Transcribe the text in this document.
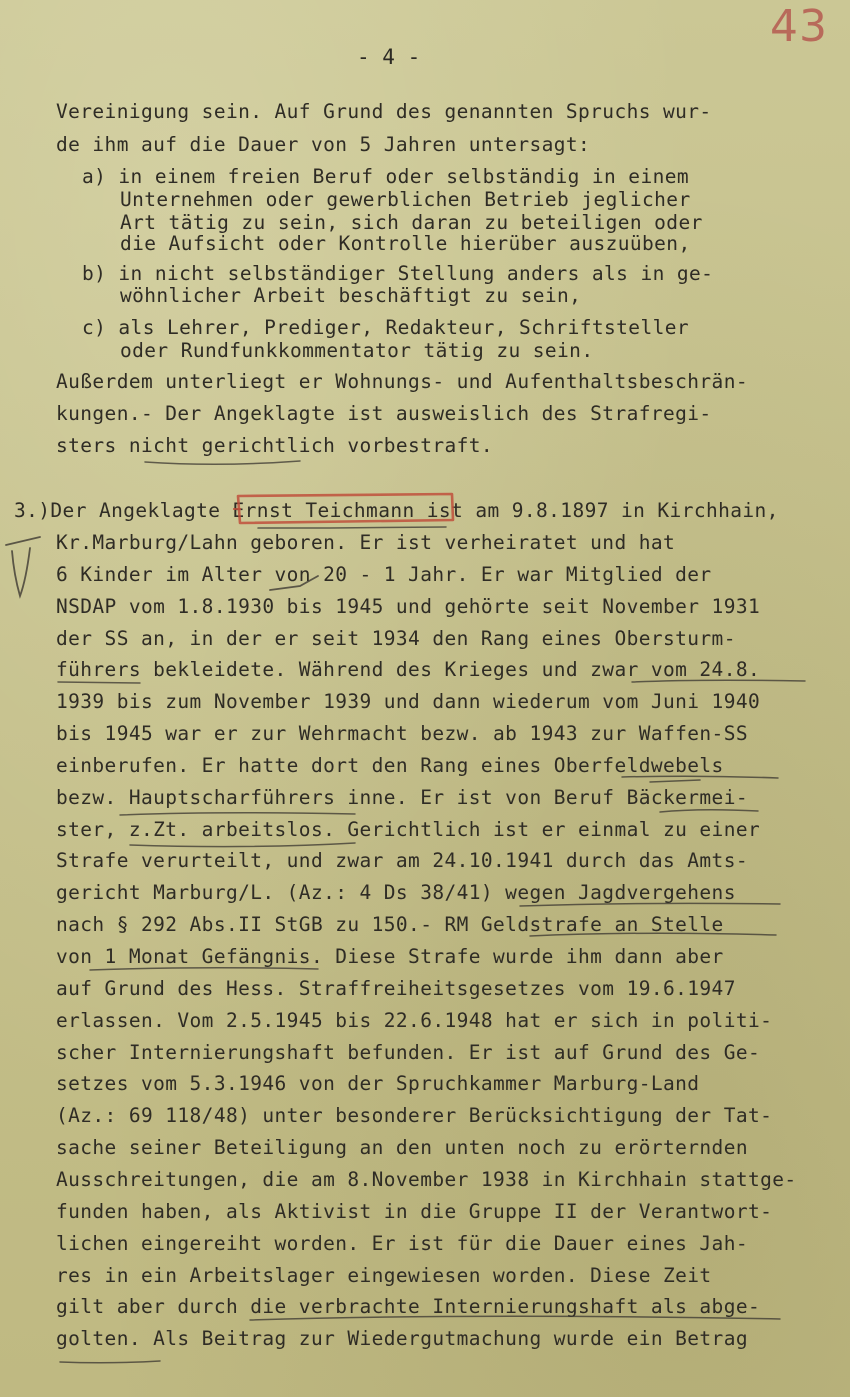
43
- 4 -
Vereinigung sein. Auf Grund des genannten Spruchs wur-
de ihm auf die Dauer von 5 Jahren untersagt:
a) in einem freien Beruf oder selbständig in einem
Unternehmen oder gewerblichen Betrieb jeglicher
Art tätig zu sein, sich daran zu beteiligen oder
die Aufsicht oder Kontrolle hierüber auszuüben,
b) in nicht selbständiger Stellung anders als in ge-
wöhnlicher Arbeit beschäftigt zu sein,
c) als Lehrer, Prediger, Redakteur, Schriftsteller
oder Rundfunkkommentator tätig zu sein.
Außerdem unterliegt er Wohnungs- und Aufenthaltsbeschrän-
kungen.- Der Angeklagte ist ausweislich des Strafregi-
sters nicht gerichtlich vorbestraft.
3.)Der Angeklagte Ernst Teichmann ist am 9.8.1897 in Kirchhain,
Kr.Marburg/Lahn geboren. Er ist verheiratet und hat
6 Kinder im Alter von 20 - 1 Jahr. Er war Mitglied der
NSDAP vom 1.8.1930 bis 1945 und gehörte seit November 1931
der SS an, in der er seit 1934 den Rang eines Obersturm-
führers bekleidete. Während des Krieges und zwar vom 24.8.
1939 bis zum November 1939 und dann wiederum vom Juni 1940
bis 1945 war er zur Wehrmacht bezw. ab 1943 zur Waffen-SS
einberufen. Er hatte dort den Rang eines Oberfeldwebels
bezw. Hauptscharführers inne. Er ist von Beruf Bäckermei-
ster, z.Zt. arbeitslos. Gerichtlich ist er einmal zu einer
Strafe verurteilt, und zwar am 24.10.1941 durch das Amts-
gericht Marburg/L. (Az.: 4 Ds 38/41) wegen Jagdvergehens
nach § 292 Abs.II StGB zu 150.- RM Geldstrafe an Stelle
von 1 Monat Gefängnis. Diese Strafe wurde ihm dann aber
auf Grund des Hess. Straffreiheitsgesetzes vom 19.6.1947
erlassen. Vom 2.5.1945 bis 22.6.1948 hat er sich in politi-
scher Internierungshaft befunden. Er ist auf Grund des Ge-
setzes vom 5.3.1946 von der Spruchkammer Marburg-Land
(Az.: 69 118/48) unter besonderer Berücksichtigung der Tat-
sache seiner Beteiligung an den unten noch zu erörternden
Ausschreitungen, die am 8.November 1938 in Kirchhain stattge-
funden haben, als Aktivist in die Gruppe II der Verantwort-
lichen eingereiht worden. Er ist für die Dauer eines Jah-
res in ein Arbeitslager eingewiesen worden. Diese Zeit
gilt aber durch die verbrachte Internierungshaft als abge-
golten. Als Beitrag zur Wiedergutmachung wurde ein Betrag
